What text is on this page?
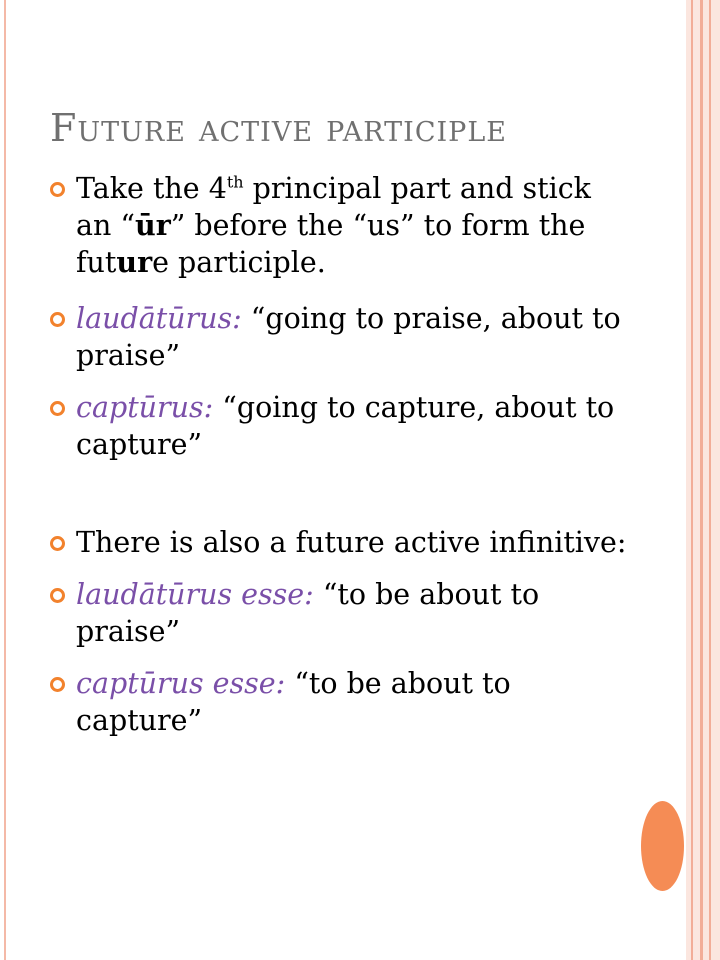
Future active participle
Take the 4th principal part and stick an “ūr” before the “us” to form the future participle.
laudātūrus: “going to praise, about to praise”
captūrus: “going to capture, about to capture”
There is also a future active infinitive:
laudātūrus esse: “to be about to praise”
captūrus esse: “to be about to capture”
